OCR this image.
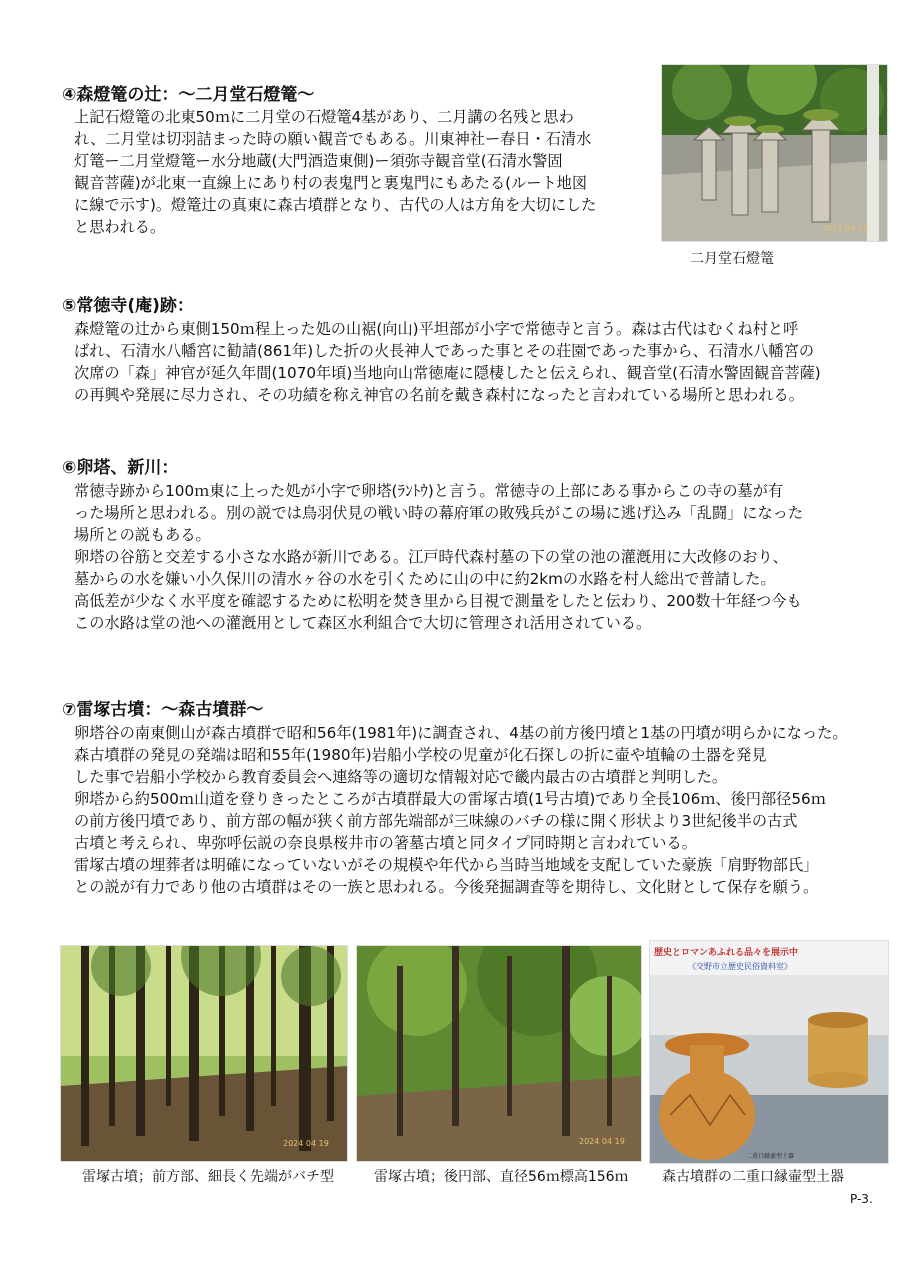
④森燈篭の辻：～二月堂石燈篭～
上記石燈篭の北東50ｍに二月堂の石燈篭4基があり、二月講の名残と思わ
れ、二月堂は切羽詰まった時の願い観音でもある。川東神社ー春日・石清水
灯篭ー二月堂燈篭ー水分地蔵(大門酒造東側)ー須弥寺観音堂(石清水警固
観音菩薩)が北東一直線上にあり村の表鬼門と裏鬼門にもあたる(ルート地図
に線で示す)。燈篭辻の真東に森古墳群となり、古代の人は方角を大切にした
と思われる。	2024 04 19
二月堂石燈篭
⑤常徳寺(庵)跡：
森燈篭の辻から東側150ｍ程上った処の山裾(向山)平坦部が小字で常徳寺と言う。森は古代はむくね村と呼
ばれ、石清水八幡宮に勧請(861年)した折の火長神人であった事とその荘園であった事から、石清水八幡宮の
次席の「森」神官が延久年間(1070年頃)当地向山常徳庵に隠棲したと伝えられ、観音堂(石清水警固観音菩薩)
の再興や発展に尽力され、その功績を称え神官の名前を戴き森村になったと言われている場所と思われる。
⑥卵塔、新川：
常徳寺跡から100ｍ東に上った処が小字で卵塔(ﾗﾝﾄｳ)と言う。常徳寺の上部にある事からこの寺の墓が有
った場所と思われる。別の説では鳥羽伏見の戦い時の幕府軍の敗残兵がこの場に逃げ込み「乱闘」になった
場所との説もある。
卵塔の谷筋と交差する小さな水路が新川である。江戸時代森村墓の下の堂の池の灌漑用に大改修のおり、
墓からの水を嫌い小久保川の清水ヶ谷の水を引くために山の中に約2kmの水路を村人総出で普請した。
高低差が少なく水平度を確認するために松明を焚き里から目視で測量をしたと伝わり、200数十年経つ今も
この水路は堂の池への灌漑用として森区水利組合で大切に管理され活用されている。
⑦雷塚古墳：～森古墳群～
卵塔谷の南東側山が森古墳群で昭和56年(1981年)に調査され、4基の前方後円墳と1基の円墳が明らかになった。
森古墳群の発見の発端は昭和55年(1980年)岩船小学校の児童が化石探しの折に壷や埴輪の土器を発見
した事で岩船小学校から教育委員会へ連絡等の適切な情報対応で畿内最古の古墳群と判明した。
卵塔から約500ｍ山道を登りきったところが古墳群最大の雷塚古墳(1号古墳)であり全長106ｍ、後円部径56ｍ
の前方後円墳であり、前方部の幅が狭く前方部先端部が三味線のバチの様に開く形状より3世紀後半の古式
古墳と考えられ、卑弥呼伝説の奈良県桜井市の箸墓古墳と同タイプ同時期と言われている。
雷塚古墳の埋葬者は明確になっていないがその規模や年代から当時当地域を支配していた豪族「肩野物部氏」
との説が有力であり他の古墳群はその一族と思われる。今後発掘調査等を期待し、文化財として保存を願う。
2024 04 19
雷塚古墳；前方部、細長く先端がバチ型
2024 04 19
雷塚古墳；後円部、直径56ｍ標高156ｍ
歴史とロマンあふれる品々を展示中
《交野市立歴史民俗資料室》
二重口縁壷型土器
森古墳群の二重口縁壷型土器
P-3.
